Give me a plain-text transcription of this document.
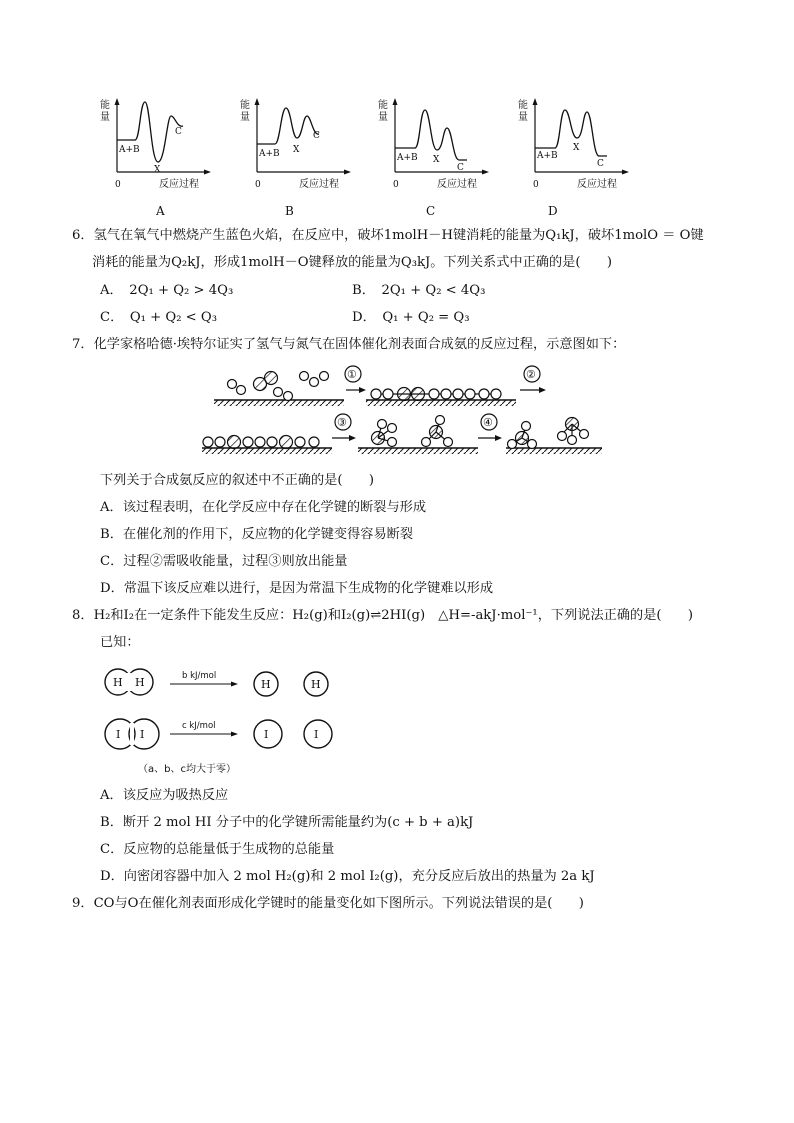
能
量
0	反应过程
A+B
X
C
A
能
量
0	反应过程
A+B X
C
B
能
量
0	反应过程
A+B X
C
C
能
量
0	反应过程
A+B
X
C
D
6．氢气在氧气中燃烧产生蓝色火焰，在反应中，破坏1molH－H键消耗的能量为Q₁kJ，破坏1molO ＝ O键
消耗的能量为Q₂kJ，形成1molH－O键释放的能量为Q₃kJ。下列关系式中正确的是(　　)
A．　2Q₁ + Q₂ > 4Q₃	B．　2Q₁ + Q₂ < 4Q₃
C．　Q₁ + Q₂ < Q₃	D．　Q₁ + Q₂ = Q₃
7．化学家格哈德·埃特尔证实了氢气与氮气在固体催化剂表面合成氨的反应过程，示意图如下：
①	②
③	④
下列关于合成氨反应的叙述中不正确的是(　　)
A．该过程表明，在化学反应中存在化学键的断裂与形成
B．在催化剂的作用下，反应物的化学键变得容易断裂
C．过程②需吸收能量，过程③则放出能量
D．常温下该反应难以进行，是因为常温下生成物的化学键难以形成
8．H₂和I₂在一定条件下能发生反应：H₂(g)和I₂(g)⇌2HI(g)　△H=-akJ·mol⁻¹，下列说法正确的是(　　)
已知：
H H	b kJ/mol
H	H
I I
c kJ/mol
I	I
（a、b、c均大于零）
A．该反应为吸热反应
B．断开 2 mol HI 分子中的化学键所需能量约为(c + b + a)kJ
C．反应物的总能量低于生成物的总能量
D．向密闭容器中加入 2 mol H₂(g)和 2 mol I₂(g)，充分反应后放出的热量为 2a kJ
9．CO与O在催化剂表面形成化学键时的能量变化如下图所示。下列说法错误的是(　　)
